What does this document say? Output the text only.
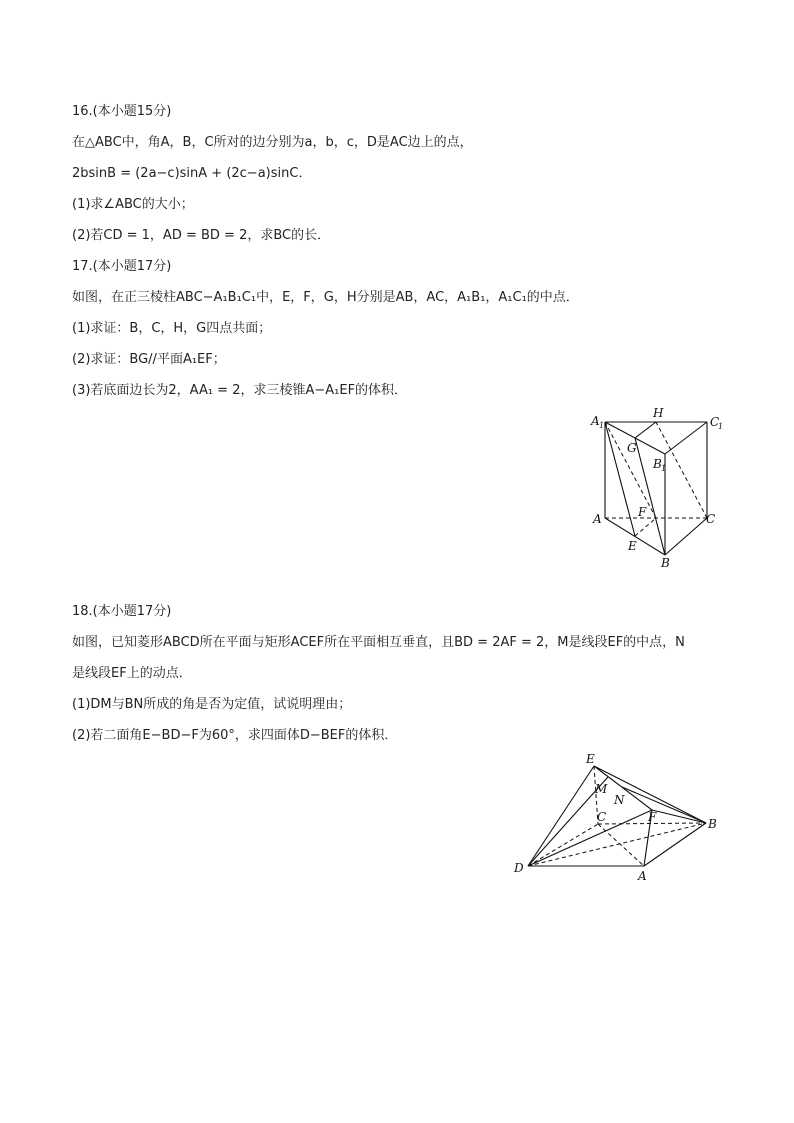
16.(本小题15分)
在△ABC中，角A，B，C所对的边分别为a，b，c，D是AC边上的点，
2bsinB = (2a−c)sinA + (2c−a)sinC．
(1)求∠ABC的大小；
(2)若CD = 1，AD = BD = 2，求BC的长．
17.(本小题17分)
如图，在正三棱柱ABC−A₁B₁C₁中，E，F，G，H分别是AB，AC，A₁B₁，A₁C₁的中点．
(1)求证：B，C，H，G四点共面；
(2)求证：BG//平面A₁EF；
(3)若底面边长为2，AA₁ = 2，求三棱锥A−A₁EF的体积．
A 1
H
C
1
G
B 1
A	F	C
E
B
18.(本小题17分)
如图，已知菱形ABCD所在平面与矩形ACEF所在平面相互垂直，且BD = 2AF = 2，M是线段EF的中点，N
是线段EF上的动点．
(1)DM与BN所成的角是否为定值，试说明理由；
(2)若二面角E−BD−F为60°，求四面体D−BEF的体积．
E
M
N
C	F	B
D
A
